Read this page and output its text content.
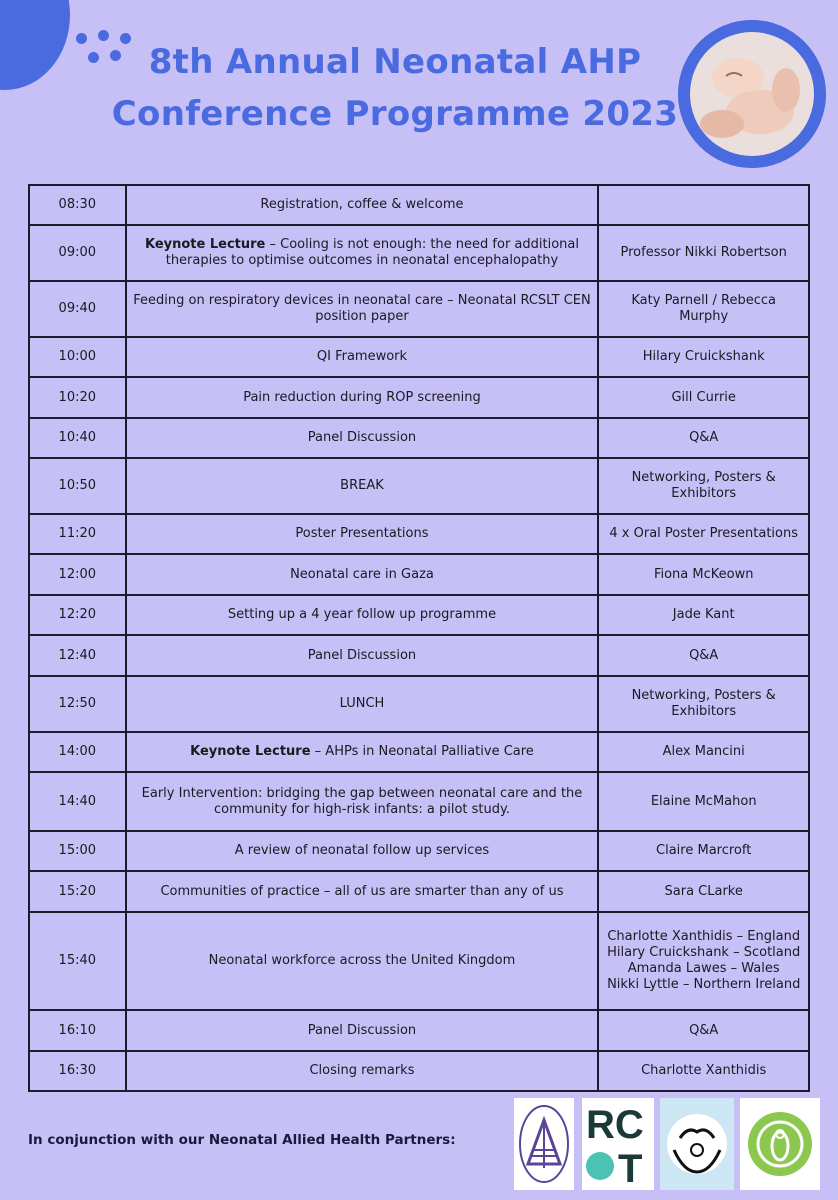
8th Annual Neonatal AHP
Conference Programme 2023
08:30	Registration, coffee & welcome	
09:00	Keynote Lecture – Cooling is not enough: the need for additional therapies to optimise outcomes in neonatal encephalopathy	Professor Nikki Robertson

09:40	Feeding on respiratory devices in neonatal care – Neonatal RCSLT CEN position paper	Katy Parnell / Rebecca Murphy

10:00	QI Framework	Hilary Cruickshank

10:20	Pain reduction during ROP screening	Gill Currie

10:40	Panel Discussion	Q&A

10:50	BREAK	Networking, Posters &
Exhibitors

11:20	Poster Presentations	4 x Oral Poster Presentations

12:00	Neonatal care in Gaza	Fiona McKeown

12:20	Setting up a 4 year follow up programme	Jade Kant

12:40	Panel Discussion	Q&A

12:50	LUNCH	Networking, Posters &
Exhibitors

14:00	Keynote Lecture – AHPs in Neonatal Palliative Care	Alex Mancini

14:40	Early Intervention: bridging the gap between neonatal care and the community for high-risk infants: a pilot study.	Elaine McMahon

15:00	A review of neonatal follow up services	Claire Marcroft

15:20	Communities of practice – all of us are smarter than any of us	Sara CLarke

15:40	Neonatal workforce across the United Kingdom	Charlotte Xanthidis – England
Hilary Cruickshank – Scotland
Amanda Lawes – Wales
Nikki Lyttle – Northern Ireland

16:10	Panel Discussion	Q&A

16:30	Closing remarks	Charlotte Xanthidis
In conjunction with our Neonatal Allied Health Partners:	RC
T
